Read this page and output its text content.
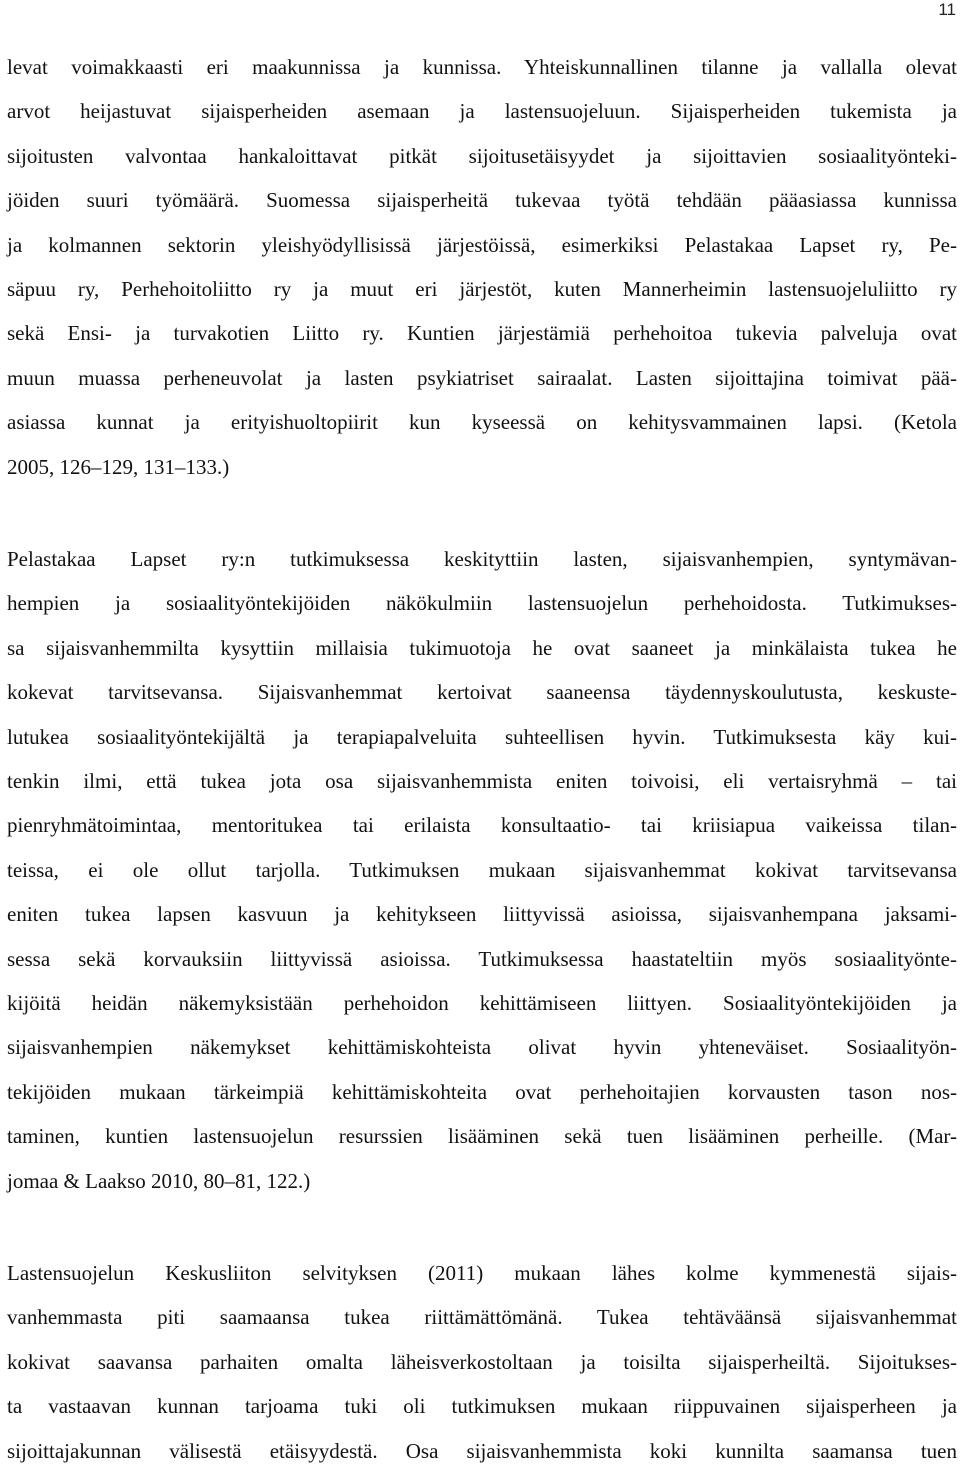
11
levat voimakkaasti eri maakunnissa ja kunnissa. Yhteiskunnallinen tilanne ja vallalla olevat
arvot heijastuvat sijaisperheiden asemaan ja lastensuojeluun. Sijaisperheiden tukemista ja
sijoitusten valvontaa hankaloittavat pitkät sijoitusetäisyydet ja sijoittavien sosiaalityönteki-
jöiden suuri työmäärä. Suomessa sijaisperheitä tukevaa työtä tehdään pääasiassa kunnissa
ja kolmannen sektorin yleishyödyllisissä järjestöissä, esimerkiksi Pelastakaa Lapset ry, Pe-
säpuu ry, Perhehoitoliitto ry ja muut eri järjestöt, kuten Mannerheimin lastensuojeluliitto ry
sekä Ensi- ja turvakotien Liitto ry. Kuntien järjestämiä perhehoitoa tukevia palveluja ovat
muun muassa perheneuvolat ja lasten psykiatriset sairaalat. Lasten sijoittajina toimivat pää-
asiassa kunnat ja erityishuoltopiirit kun kyseessä on kehitysvammainen lapsi. (Ketola
2005, 126–129, 131–133.)
Pelastakaa Lapset ry:n tutkimuksessa keskityttiin lasten, sijaisvanhempien, syntymävan-
hempien ja sosiaalityöntekijöiden näkökulmiin lastensuojelun perhehoidosta. Tutkimukses-
sa sijaisvanhemmilta kysyttiin millaisia tukimuotoja he ovat saaneet ja minkälaista tukea he
kokevat tarvitsevansa. Sijaisvanhemmat kertoivat saaneensa täydennyskoulutusta, keskuste-
lutukea sosiaalityöntekijältä ja terapiapalveluita suhteellisen hyvin. Tutkimuksesta käy kui-
tenkin ilmi, että tukea jota osa sijaisvanhemmista eniten toivoisi, eli vertaisryhmä – tai
pienryhmätoimintaa, mentoritukea tai erilaista konsultaatio- tai kriisiapua vaikeissa tilan-
teissa, ei ole ollut tarjolla. Tutkimuksen mukaan sijaisvanhemmat kokivat tarvitsevansa
eniten tukea lapsen kasvuun ja kehitykseen liittyvissä asioissa, sijaisvanhempana jaksami-
sessa sekä korvauksiin liittyvissä asioissa. Tutkimuksessa haastateltiin myös sosiaalityönte-
kijöitä heidän näkemyksistään perhehoidon kehittämiseen liittyen. Sosiaalityöntekijöiden ja
sijaisvanhempien näkemykset kehittämiskohteista olivat hyvin yhteneväiset. Sosiaalityön-
tekijöiden mukaan tärkeimpiä kehittämiskohteita ovat perhehoitajien korvausten tason nos-
taminen, kuntien lastensuojelun resurssien lisääminen sekä tuen lisääminen perheille. (Mar-
jomaa & Laakso 2010, 80–81, 122.)
Lastensuojelun Keskusliiton selvityksen (2011) mukaan lähes kolme kymmenestä sijais-
vanhemmasta piti saamaansa tukea riittämättömänä. Tukea tehtäväänsä sijaisvanhemmat
kokivat saavansa parhaiten omalta läheisverkostoltaan ja toisilta sijaisperheiltä. Sijoitukses-
ta vastaavan kunnan tarjoama tuki oli tutkimuksen mukaan riippuvainen sijaisperheen ja
sijoittajakunnan välisestä etäisyydestä. Osa sijaisvanhemmista koki kunnilta saamansa tuen
